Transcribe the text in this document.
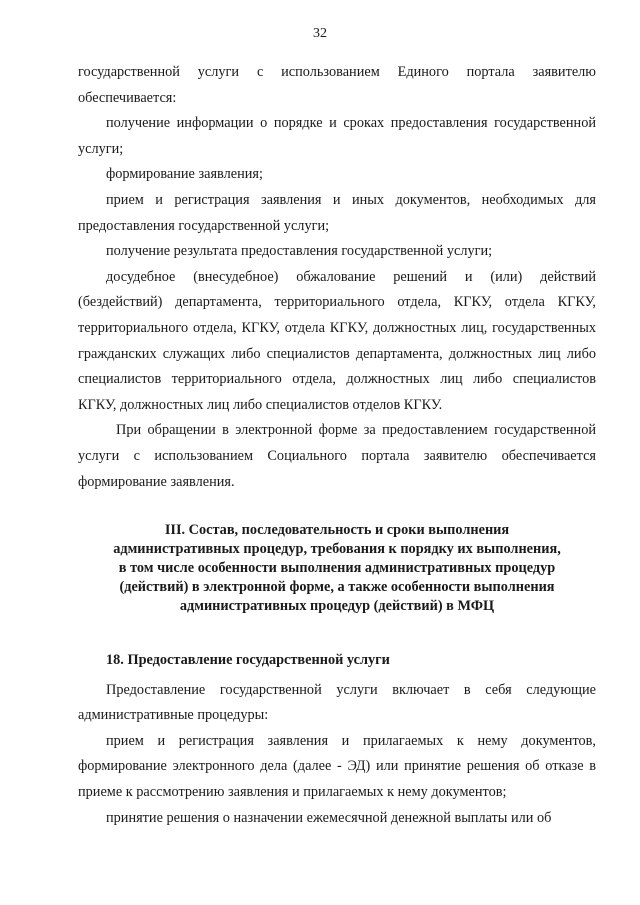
32

государственной услуги с использованием Единого портала заявителю обеспечивается:

получение информации о порядке и сроках предоставления государственной услуги;

формирование заявления;

прием и регистрация заявления и иных документов, необходимых для предоставления государственной услуги;

получение результата предоставления государственной услуги;

досудебное (внесудебное) обжалование решений и (или) действий (бездействий) департамента, территориального отдела, КГКУ, отдела КГКУ, территориального отдела, КГКУ, отдела КГКУ, должностных лиц, государственных гражданских служащих либо специалистов департамента, должностных лиц либо специалистов территориального отдела, должностных лиц либо специалистов КГКУ, должностных лиц либо специалистов отделов КГКУ.

При обращении в электронной форме за предоставлением государственной услуги с использованием Социального портала заявителю обеспечивается формирование заявления.

III. Состав, последовательность и сроки выполнения
административных процедур, требования к порядку их выполнения,
в том числе особенности выполнения административных процедур
(действий) в электронной форме, а также особенности выполнения
административных процедур (действий) в МФЦ
18. Предоставление государственной услуги

Предоставление государственной услуги включает в себя следующие административные процедуры:

прием и регистрация заявления и прилагаемых к нему документов, формирование электронного дела (далее - ЭД) или принятие решения об отказе в приеме к рассмотрению заявления и прилагаемых к нему документов;

принятие решения о назначении ежемесячной денежной выплаты или об
